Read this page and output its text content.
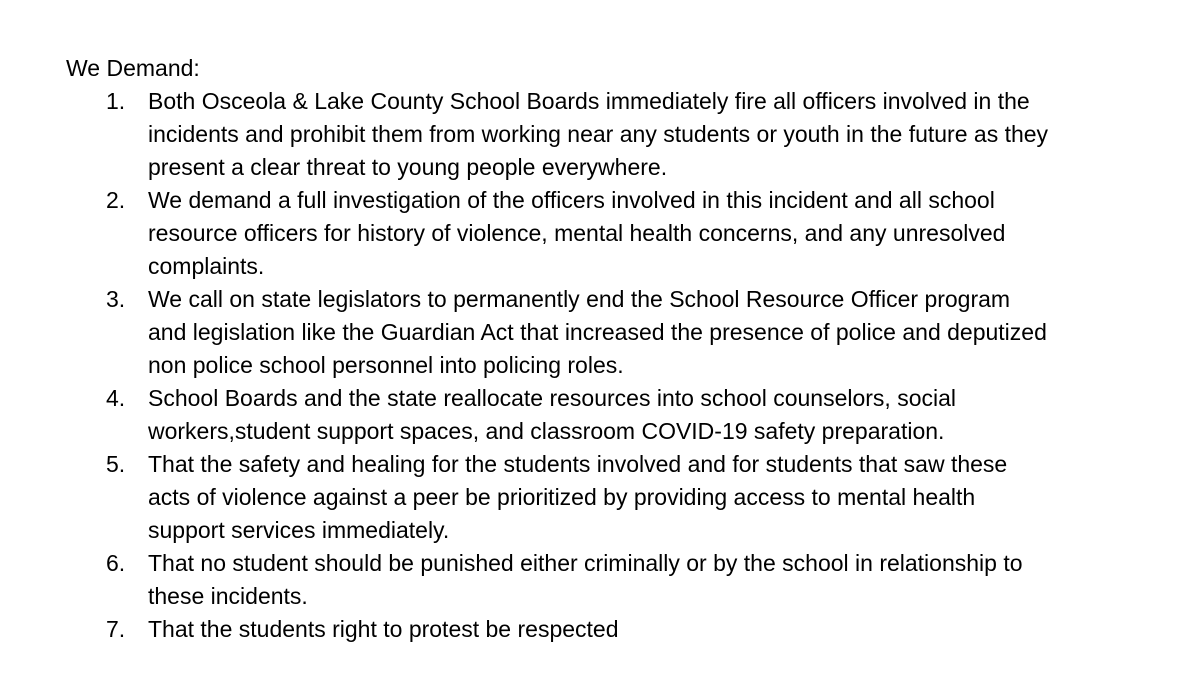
We Demand:
1. Both Osceola & Lake County School Boards immediately fire all officers involved in the
incidents and prohibit them from working near any students or youth in the future as they
present a clear threat to young people everywhere.
2. We demand a full investigation of the officers involved in this incident and all school
resource officers for history of violence, mental health concerns, and any unresolved
complaints.
3. We call on state legislators to permanently end the School Resource Officer program
and legislation like the Guardian Act that increased the presence of police and deputized
non police school personnel into policing roles.
4. School Boards and the state reallocate resources into school counselors, social
workers,student support spaces, and classroom COVID-19 safety preparation.
5. That the safety and healing for the students involved and for students that saw these
acts of violence against a peer be prioritized by providing access to mental health
support services immediately.
6. That no student should be punished either criminally or by the school in relationship to
these incidents.
7. That the students right to protest be respected
